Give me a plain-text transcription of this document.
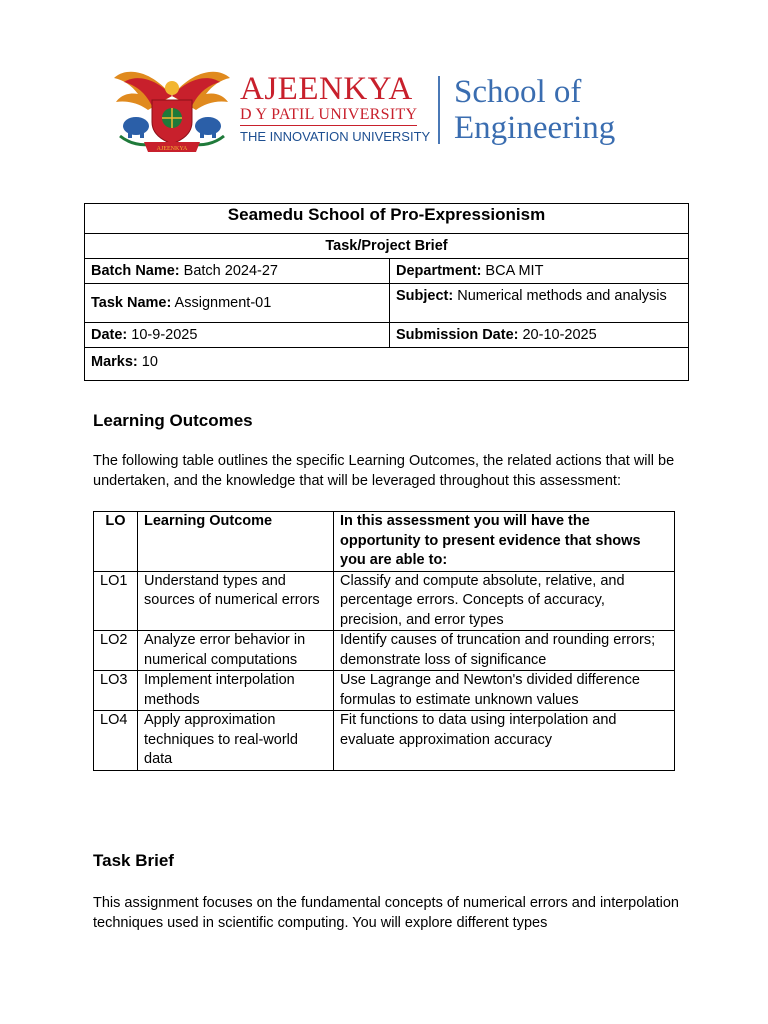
AJEENKYA
AJEENKYA
D Y PATIL UNIVERSITY
THE INNOVATION UNIVERSITY
School of
Engineering
Seamedu School of Pro-Expressionism	
Task/Project Brief	
Batch Name: Batch 2024-27	Department: BCA MIT
Task Name: Assignment-01	Subject: Numerical methods and analysis
Date: 10-9-2025	Submission Date: 20-10-2025
Marks: 10	
Learning Outcomes

The following table outlines the specific Learning Outcomes, the related actions that will be undertaken, and the knowledge that will be leveraged throughout this assessment:

LO	Learning Outcome	In this assessment you will have the opportunity to present evidence that shows you are able to:
LO1	Understand types and sources of numerical errors	Classify and compute absolute, relative, and percentage errors. Concepts of accuracy, precision, and error types
LO2	Analyze error behavior in numerical computations	Identify causes of truncation and rounding errors; demonstrate loss of significance
LO3	Implement interpolation methods	Use Lagrange and Newton's divided difference formulas to estimate unknown values
LO4	Apply approximation techniques to real-world data	Fit functions to data using interpolation and evaluate approximation accuracy
Task Brief

This assignment focuses on the fundamental concepts of numerical errors and interpolation techniques used in scientific computing. You will explore different types
